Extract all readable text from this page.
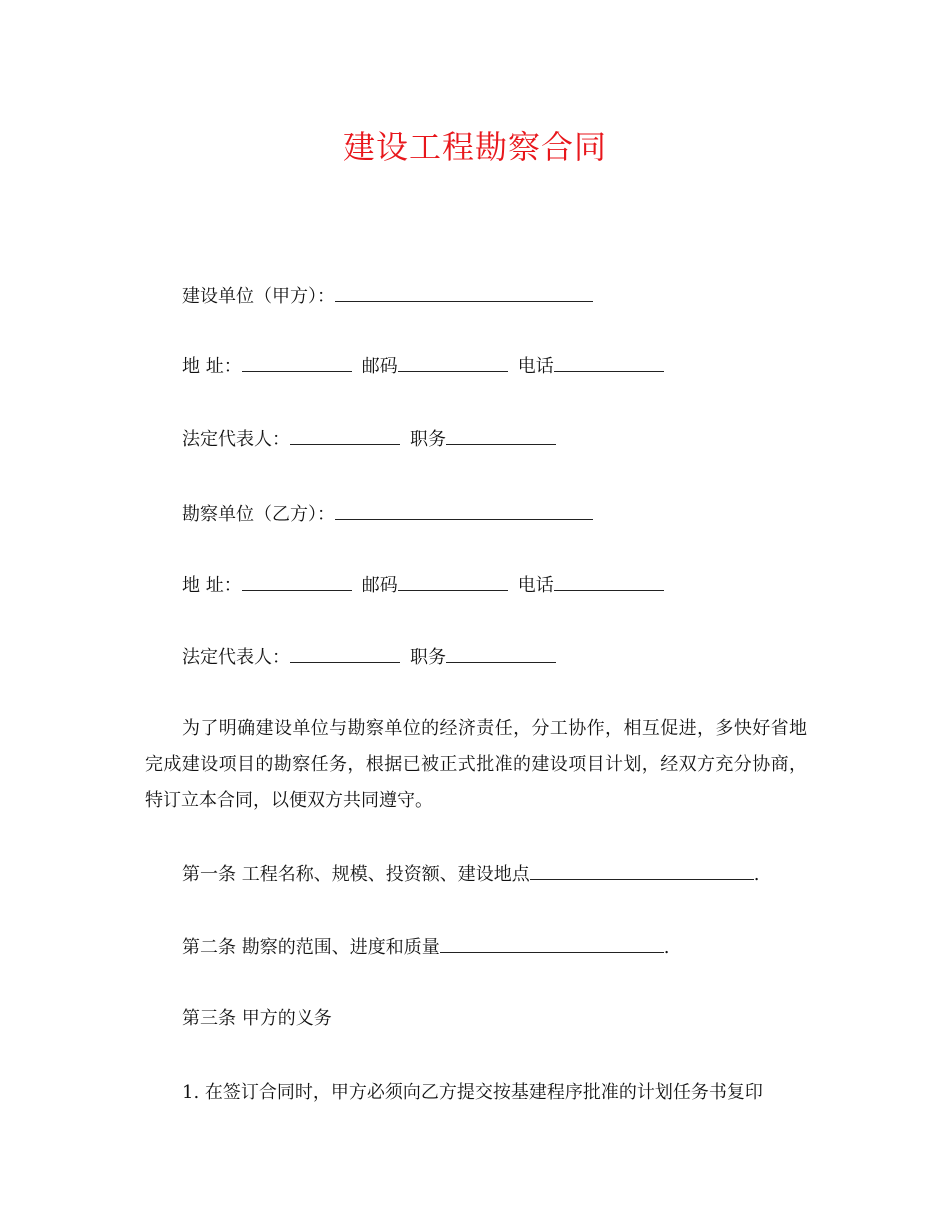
建设工程勘察合同
建设单位（甲方）：
地 址：	邮码	电话
法定代表人：	职务
勘察单位（乙方）：
地 址：	邮码	电话
法定代表人：	职务

为了明确建设单位与勘察单位的经济责任，分工协作，相互促进，多快好省地完成建设项目的勘察任务，根据已被正式批准的建设项目计划，经双方充分协商，特订立本合同，以便双方共同遵守。

第一条 工程名称、规模、投资额、建设地点	.
第二条 勘察的范围、进度和质量	.
第三条 甲方的义务
1. 在签订合同时，甲方必须向乙方提交按基建程序批准的计划任务书复印
